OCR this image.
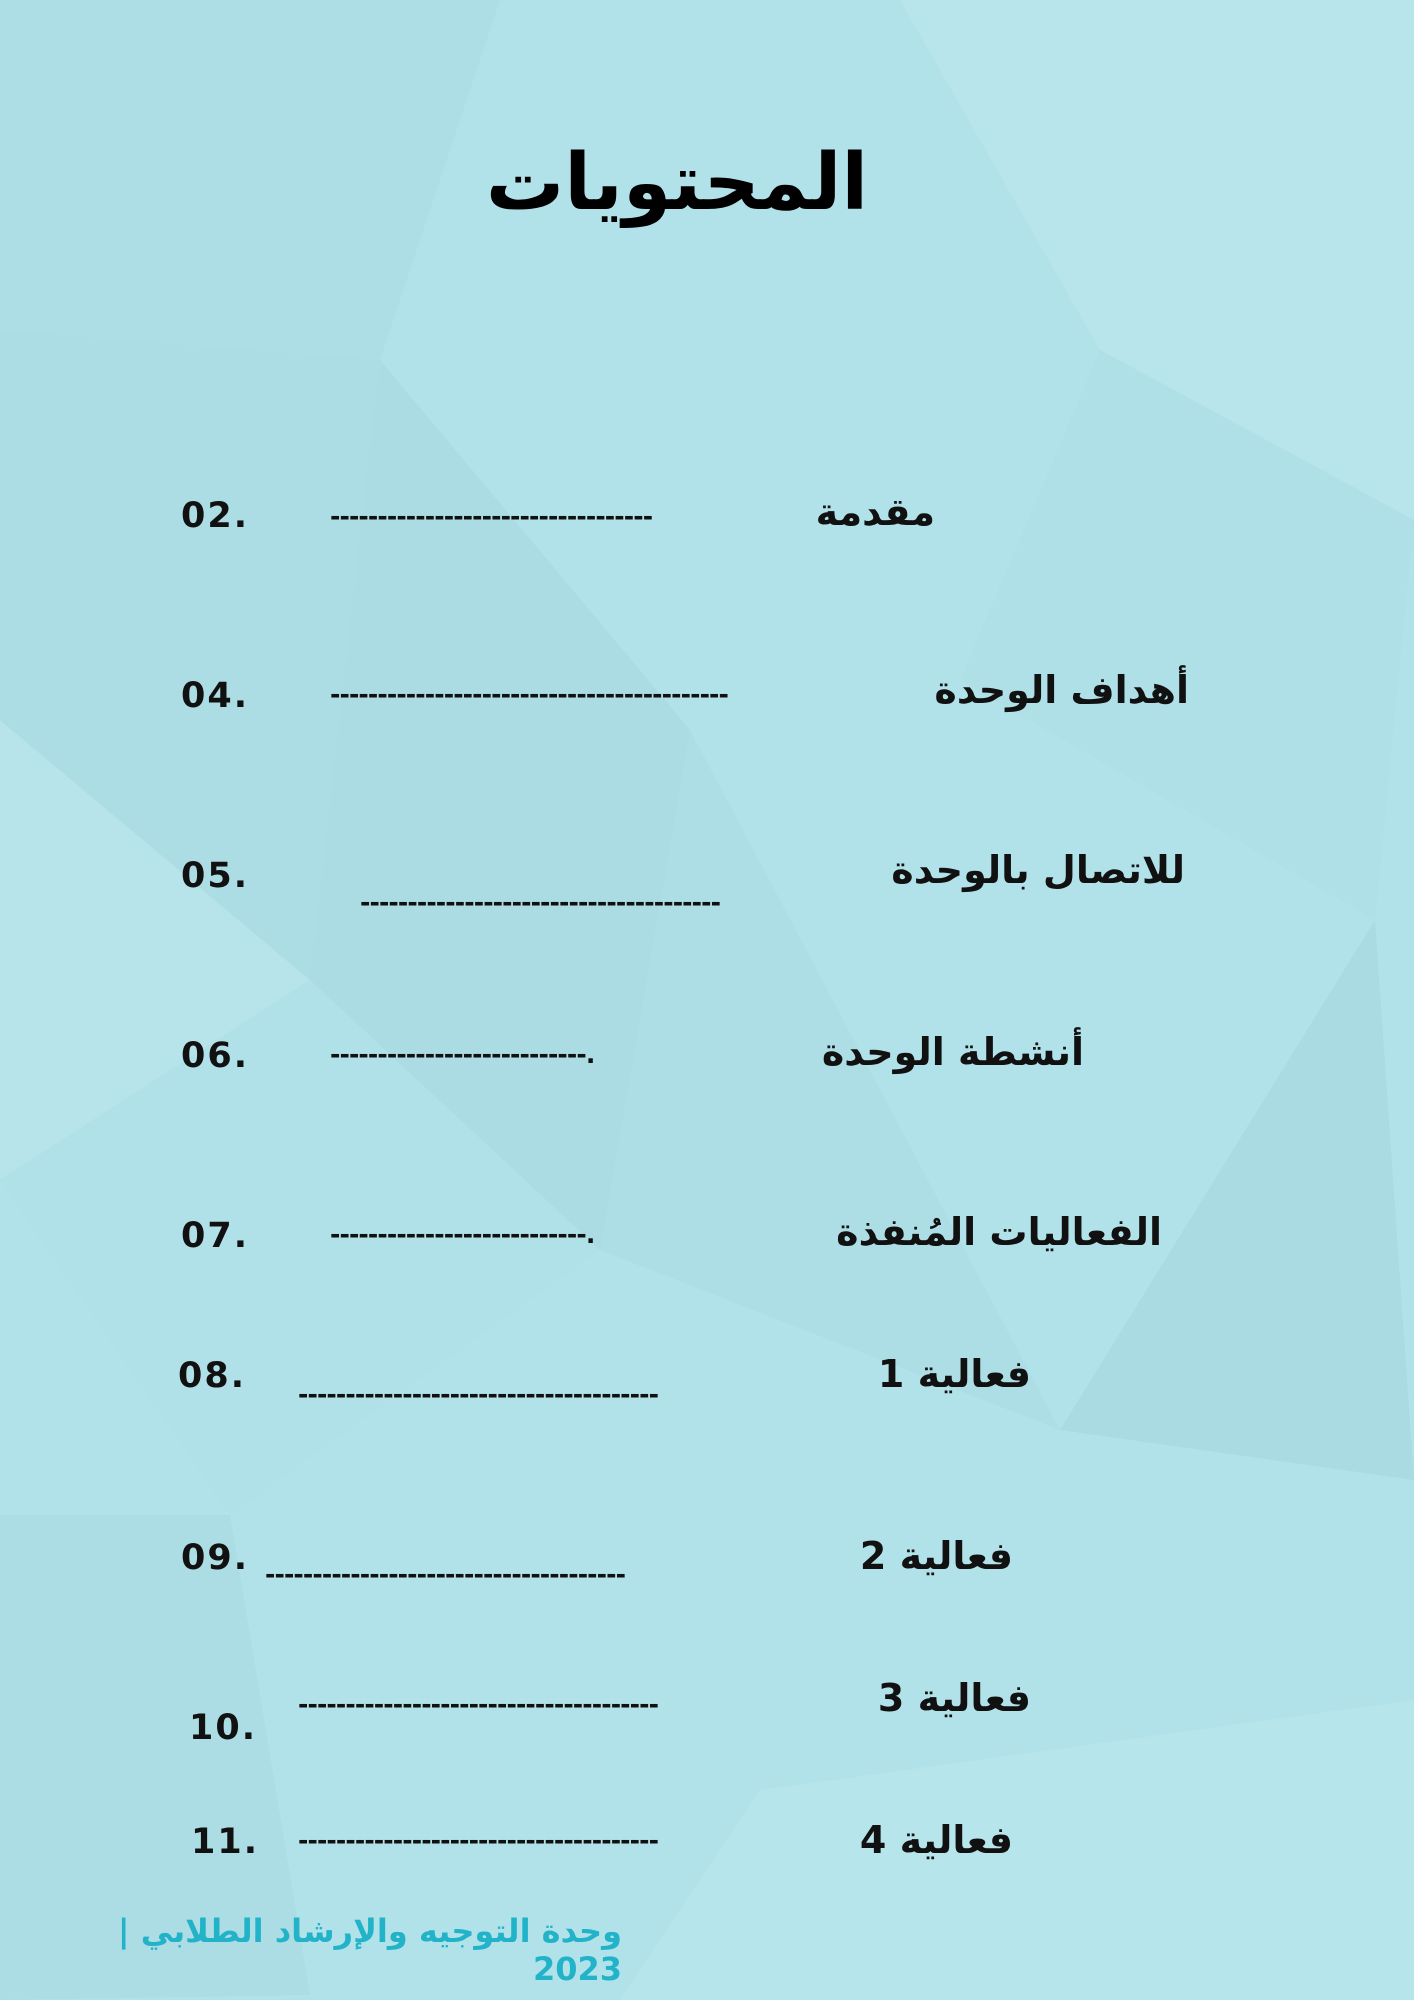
المحتويات
مقدمة
----------------------------------
02.
أهداف الوحدة
------------------------------------------
04.
للاتصال بالوحدة
--------------------------------------
05.
أنشطة الوحدة
---------------------------.
06.
الفعاليات المُنفذة
---------------------------.
07.
فعالية 1
--------------------------------------
08.
فعالية 2
--------------------------------------
09.
فعالية 3
--------------------------------------
10.
فعالية 4
--------------------------------------
11.
وحدة التوجيه والإرشاد الطلابي | 2023
